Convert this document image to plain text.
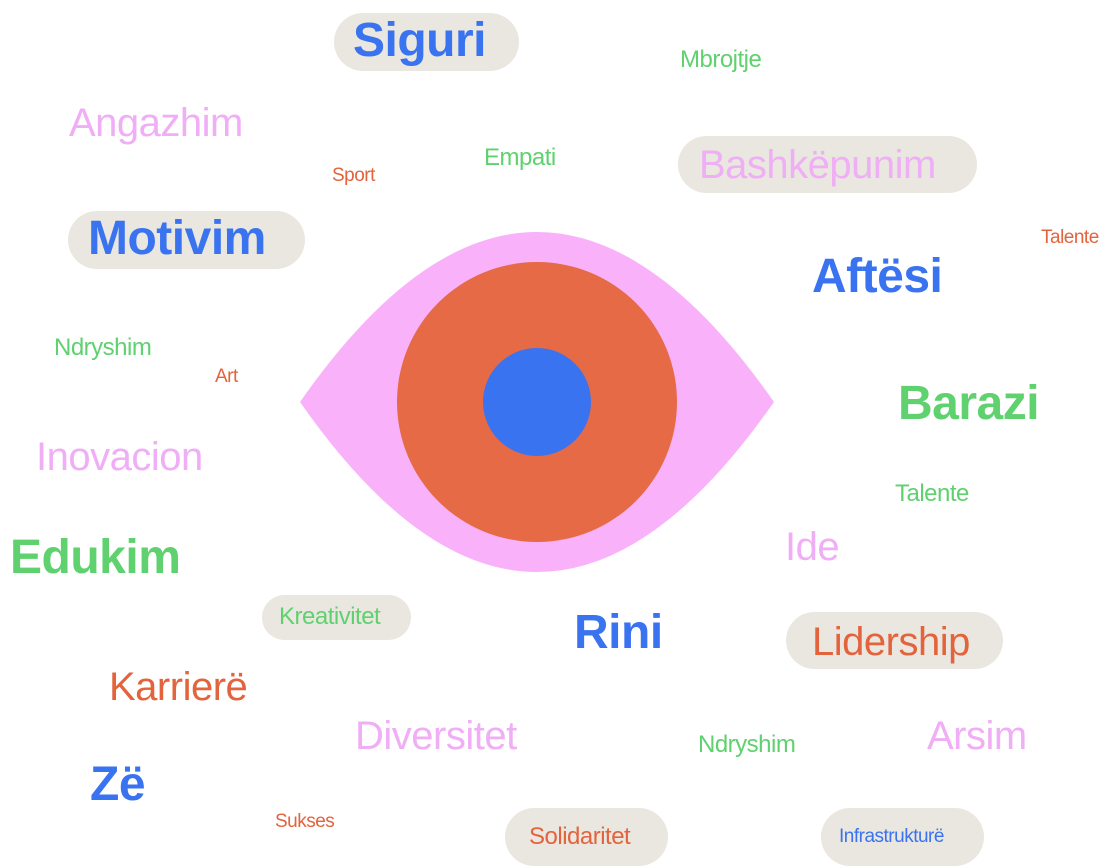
Siguri	Mbrojtje
Angazhim
Sport
Empati	Bashkëpunim
Motivim	Talente
Aftësi
Ndryshim
Art
Barazi
Inovacion
Talente
Edukim	Ide
Kreativitet	Rini	Lidership
Karrierë
Diversitet	Ndryshim	Arsim
Zë
Sukses
Solidaritet	Infrastrukturë
